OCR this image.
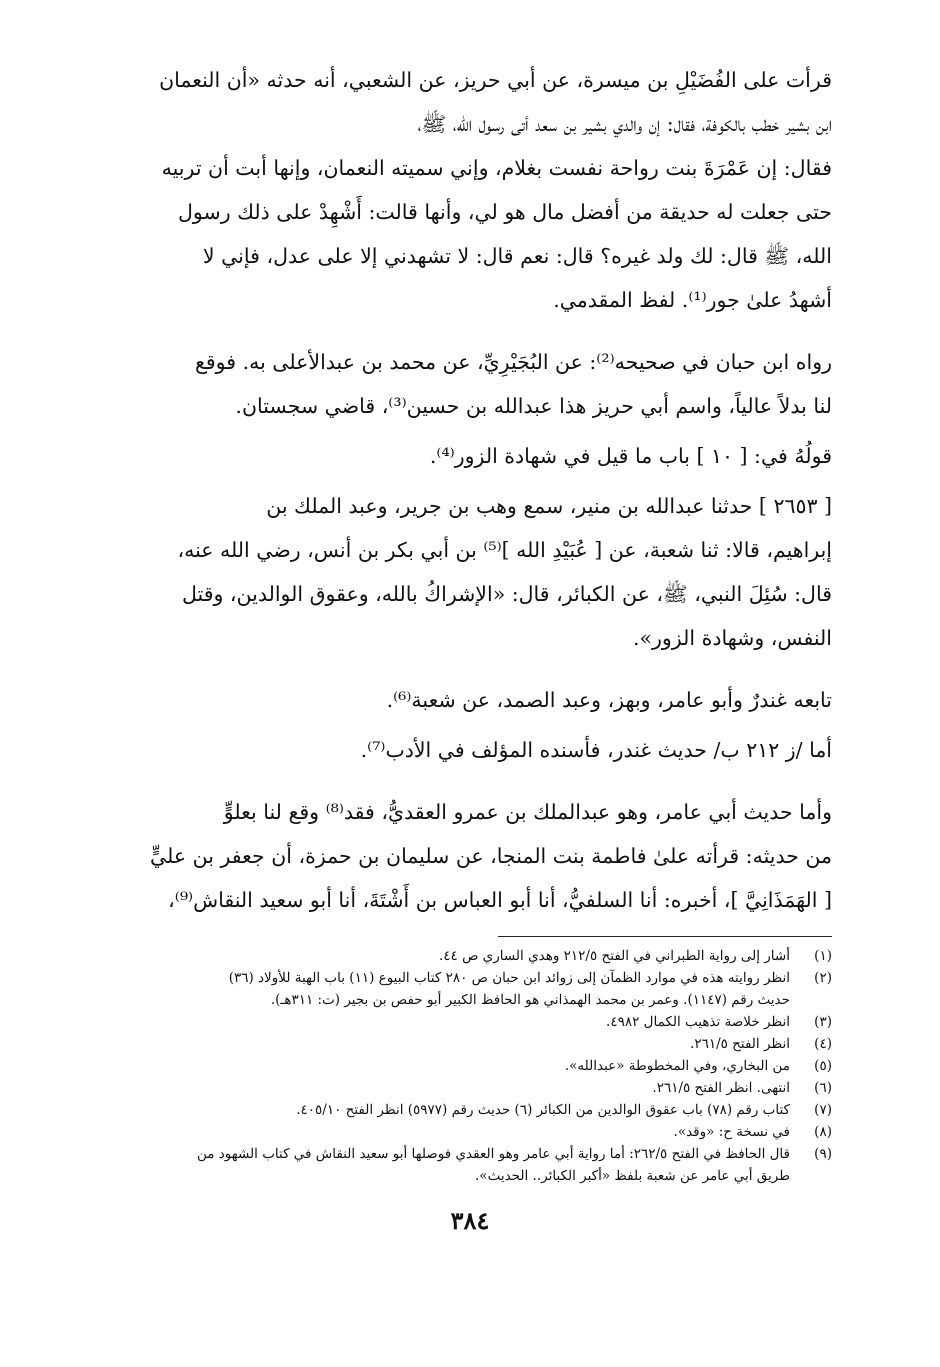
قرأت على الفُضَيْلِ بن ميسرة، عن أبي حريز، عن الشعبي، أنه حدثه «أن النعمان
ابن بشير خطب بالكوفة، فقال: إن والدي بشير بن سعد أتى رسول الله، ﷺ،
فقال: إن عَمْرَةَ بنت رواحة نفست بغلام، وإني سميته النعمان، وإنها أبت أن تربيه
حتى جعلت له حديقة من أفضل مال هو لي، وأنها قالت: أَشْهِدْ على ذلك رسول
الله، ﷺ قال: لك ولد غيره؟ قال: نعم قال: لا تشهدني إلا على عدل، فإني لا
أشهدُ علىٰ جور⁽¹⁾. لفظ المقدمي.
رواه ابن حبان في صحيحه⁽²⁾: عن البُجَيْرِيِّ، عن محمد بن عبدالأعلى به. فوقع
لنا بدلاً عالياً، واسم أبي حريز هذا عبدالله بن حسين⁽³⁾، قاضي سجستان.
قولُهُ في: [ ١٠ ] باب ما قيل في شهادة الزور⁽⁴⁾.
[ ٢٦٥٣ ] حدثنا عبدالله بن منير، سمع وهب بن جرير، وعبد الملك بن
إبراهيم، قالا: ثنا شعبة، عن [ عُبَيْدِ الله ]⁽⁵⁾ بن أبي بكر بن أنس، رضي الله عنه،
قال: سُئِلَ النبي، ﷺ، عن الكبائر، قال: «الإشراكُ بالله، وعقوق الوالدين، وقتل
النفس، وشهادة الزور».
تابعه غندرٌ وأبو عامر، وبهز، وعبد الصمد، عن شعبة⁽⁶⁾.
أما /ز ٢١٢ ب/ حديث غندر، فأسنده المؤلف في الأدب⁽⁷⁾.
وأما حديث أبي عامر، وهو عبدالملك بن عمرو العقديُّ، فقد⁽⁸⁾ وقع لنا بعلوٍّ
من حديثه: قرأته علىٰ فاطمة بنت المنجا، عن سليمان بن حمزة، أن جعفر بن عليٍّ
[ الهَمَذَانِيَّ ]، أخبره: أنا السلفيُّ، أنا أبو العباس بن أَشْتَةَ، أنا أبو سعيد النقاش⁽⁹⁾،
(١)
أشار إلى رواية الطبراني في الفتح ٢١٢/٥ وهدي الساري ص ٤٤.
(٢)
انظر روايته هذه في موارد الظمآن إلى زوائد ابن حبان ص ٢٨٠ كتاب البيوع (١١) باب الهبة للأولاد (٣٦)
حديث رقم (١١٤٧). وعمر بن محمد الهمذاني هو الحافظ الكبير أبو حفص بن بجير (ت: ٣١١هـ).
(٣)
انظر خلاصة تذهيب الكمال ٤٩٨٢.
(٤)
انظر الفتح ٢٦١/٥.
(٥)
من البخاري، وفي المخطوطة «عبدالله».
(٦)
انتهى. انظر الفتح ٢٦١/٥.
(٧)
كتاب رقم (٧٨) باب عقوق الوالدين من الكبائر (٦) حديث رقم (٥٩٧٧) انظر الفتح ٤٠٥/١٠.
(٨)
في نسخة ح: «وقد».
(٩)
قال الحافظ في الفتح ٢٦٢/٥: أما رواية أبي عامر وهو العقدي فوصلها أبو سعيد النقاش في كتاب الشهود من
طريق أبي عامر عن شعبة بلفظ «أكبر الكبائر.. الحديث».
٣٨٤
